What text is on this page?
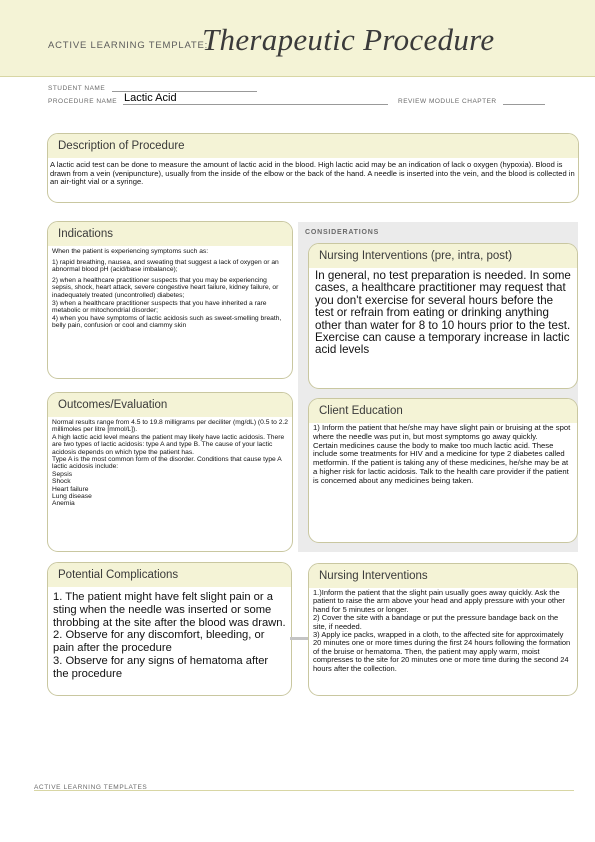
ACTIVE LEARNING TEMPLATE:
Therapeutic Procedure
STUDENT NAME
PROCEDURE NAME Lactic Acid	REVIEW MODULE CHAPTER
Description of Procedure
A lactic acid test can be done to measure the amount of lactic acid in the blood. High lactic acid may be an indication of lack o oxygen (hypoxia). Blood is drawn from a vein (venipuncture), usually from the inside of the elbow or the back of the hand. A needle is inserted into the vein, and the blood is collected in an air-tight vial or a syringe.
CONSIDERATIONS
Indications

When the patient is experiencing symptoms such as:

1) rapid breathing, nausea, and sweating that suggest a lack of oxygen or an abnormal blood pH (acid/base imbalance);

2) when a healthcare practitioner suspects that you may be experiencing sepsis, shock, heart attack, severe congestive heart failure, kidney failure, or inadequately treated (uncontrolled) diabetes;

3) when a healthcare practitioner suspects that you have inherited a rare metabolic or mitochondrial disorder;

4) when you have symptoms of lactic acidosis such as sweet-smelling breath, belly pain, confusion or cool and clammy skin

Nursing Interventions (pre, intra, post)
In general, no test preparation is needed. In some cases, a healthcare practitioner may request that you don't exercise for several hours before the test or refrain from eating or drinking anything other than water for 8 to 10 hours prior to the test. Exercise can cause a temporary increase in lactic acid levels
Outcomes/Evaluation
Normal results range from 4.5 to 19.8 milligrams per deciliter (mg/dL) (0.5 to 2.2 millimoles per litre [mmol/L]).
A high lactic acid level means the patient may likely have lactic acidosis. There are two types of lactic acidosis: type A and type B. The cause of your lactic acidosis depends on which type the patient has.
Type A is the most common form of the disorder. Conditions that cause type A lactic acidosis include:
Sepsis
Shock
Heart failure
Lung disease
Anemia
Client Education
1) Inform the patient that he/she may have slight pain or bruising at the spot where the needle was put in, but most symptoms go away quickly.
Certain medicines cause the body to make too much lactic acid. These include some treatments for HIV and a medicine for type 2 diabetes called metformin. If the patient is taking any of these medicines, he/she may be at a higher risk for lactic acidosis. Talk to the health care provider if the patient is concerned about any medicines being taken.
Potential Complications
1. The patient might have felt slight pain or a sting when the needle was inserted or some throbbing at the site after the blood was drawn.
2. Observe for any discomfort, bleeding, or pain after the procedure
3. Observe for any signs of hematoma after the procedure
Nursing Interventions
1.)Inform the patient that the slight pain usually goes away quickly. Ask the patient to raise the arm above your head and apply pressure with your other hand for 5 minutes or longer.
2) Cover the site with a bandage or put the pressure bandage back on the site, if needed.
3) Apply ice packs, wrapped in a cloth, to the affected site for approximately 20 minutes one or more times during the first 24 hours following the formation of the bruise or hematoma. Then, the patient may apply warm, moist compresses to the site for 20 minutes one or more time during the second 24 hours after the collection.
ACTIVE LEARNING TEMPLATES
